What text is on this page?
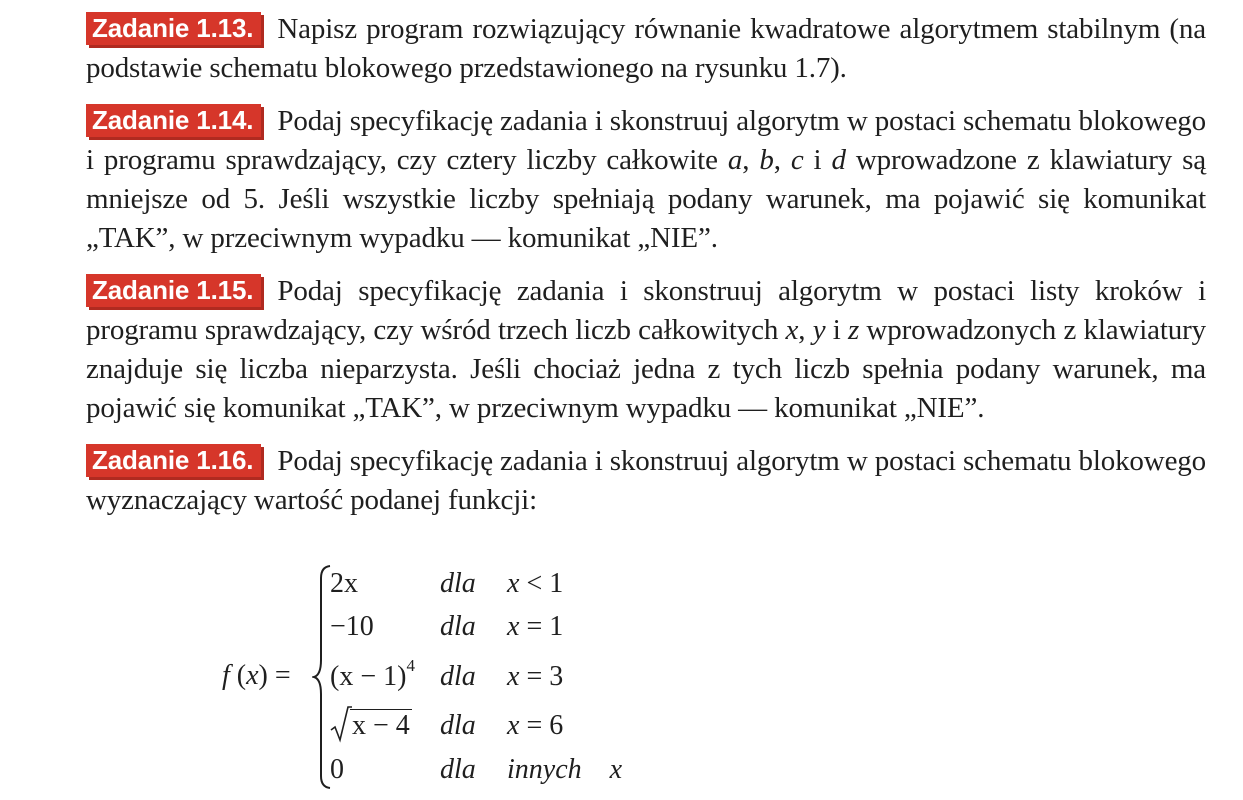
Zadanie 1.13. Napisz program rozwiązujący równanie kwadratowe algorytmem stabilnym (na podstawie schematu blokowego przedstawionego na rysunku 1.7).

Zadanie 1.14. Podaj specyfikację zadania i skonstruuj algorytm w postaci schematu blokowego i programu sprawdzający, czy cztery liczby całkowite a, b, c i d wprowadzone z klawiatury są mniejsze od 5. Jeśli wszystkie liczby spełniają podany warunek, ma pojawić się komunikat „TAK”, w przeciwnym wypadku — komunikat „NIE”.

Zadanie 1.15. Podaj specyfikację zadania i skonstruuj algorytm w postaci listy kroków i programu sprawdzający, czy wśród trzech liczb całkowitych x, y i z wprowadzonych z klawiatury znajduje się liczba nieparzysta. Jeśli chociaż jedna z tych liczb spełnia podany warunek, ma pojawić się komunikat „TAK”, w przeciwnym wypadku — komunikat „NIE”.

Zadanie 1.16. Podaj specyfikację zadania i skonstruuj algorytm w postaci schematu blokowego wyznaczający wartość podanej funkcji:

f (x) =
2x	dla x < 1
−10 dla x = 1
$(x - 1)^4$ dla x = 3
x − 4 dla x = 6
0	dla innych x
